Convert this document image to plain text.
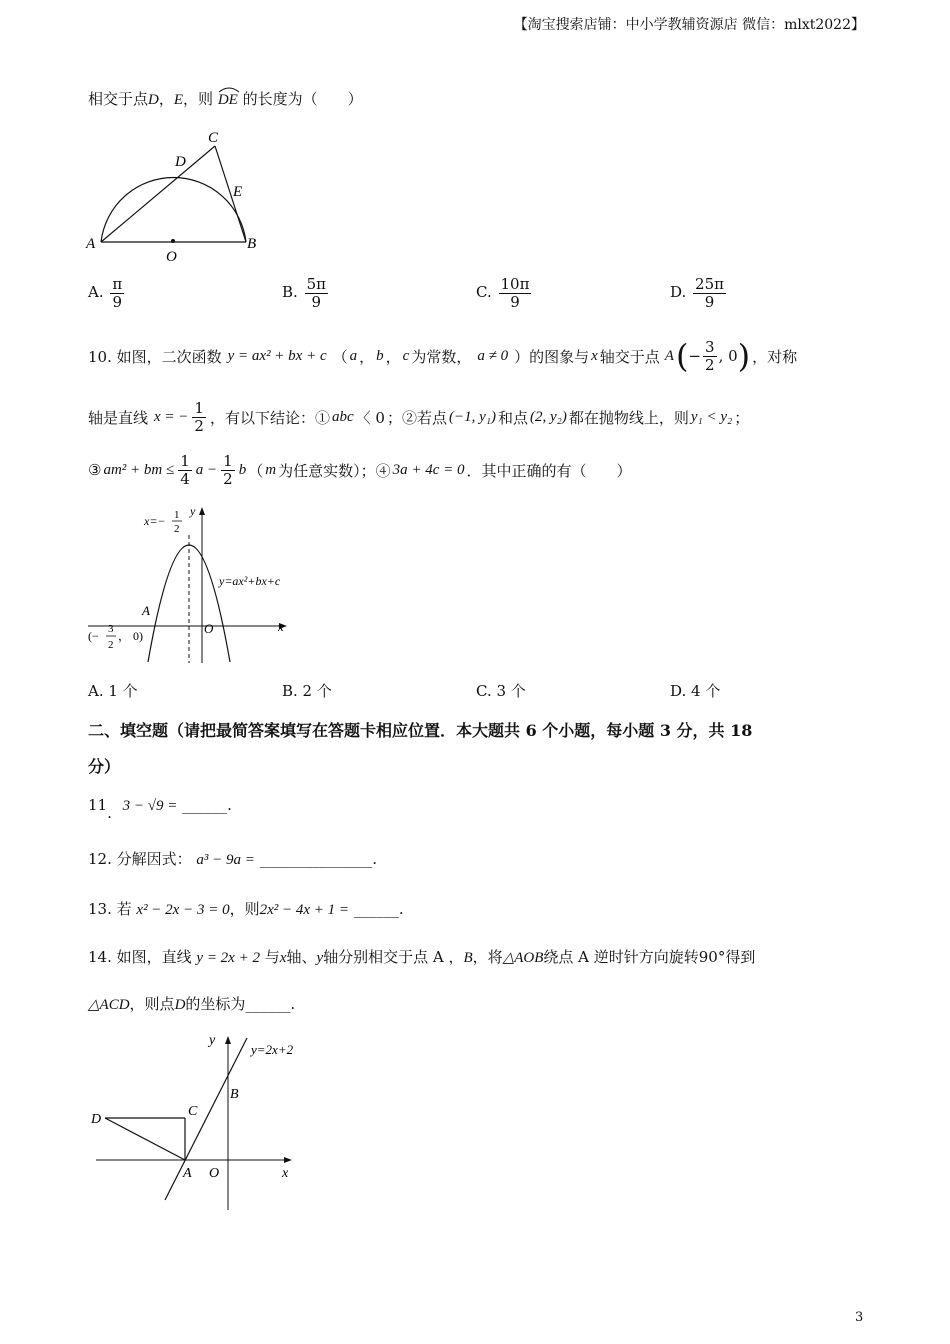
【淘宝搜索店铺：中小学教辅资源店 微信：mlxt2022】
相交于点D，E，则 DE 的长度为（　　）
C
D
E
A
O
B
A. $\frac{\pi}{9}$	B. $\frac{5\pi}{9}$	C. $\frac{10\pi}{9}$	D. $\frac{25\pi}{9}$
10. 如图，二次函数 y = ax² + bx + c （ a ， b ， c 为常数， a ≠ 0 ）的图象与 x 轴交于点 A ( − $\frac{3}{2}$ , 0 ) ，对称
轴是直线 x = − $\frac{1}{2}$ ，有以下结论：① abc 〈 0 ；②若点 (−1, y₁) 和点 (2, y₂) 都在抛物线上，则 y₁ < y₂ ；
③ am² + bm ≤ $\frac{1}{4}$ $a - \frac{1}{2}$ b （ m 为任意实数）；④ 3a + 4c = 0 ．其中正确的有（　　）
x=− 1
2
y
y=ax²+bx+c
A
O	x
(− 3
2
， 0)
A. 1 个	B. 2 个	C. 3 个	D. 4 个
二、填空题（请把最简答案填写在答题卡相应位置．本大题共 6 个小题，每小题 3 分，共 18
分）
11. 3 − √9 = ______.
12. 分解因式： a³ − 9a = _______________.
13. 若 x² − 2x − 3 = 0，则2x² − 4x + 1 = ______.
14. 如图，直线 y = 2x + 2 与x轴、y轴分别相交于点 A ，B，将△AOB绕点 A 逆时针方向旋转90°得到
△ACD，则点D的坐标为______.
y
y=2x+2
B
C
D
A O	x
3
